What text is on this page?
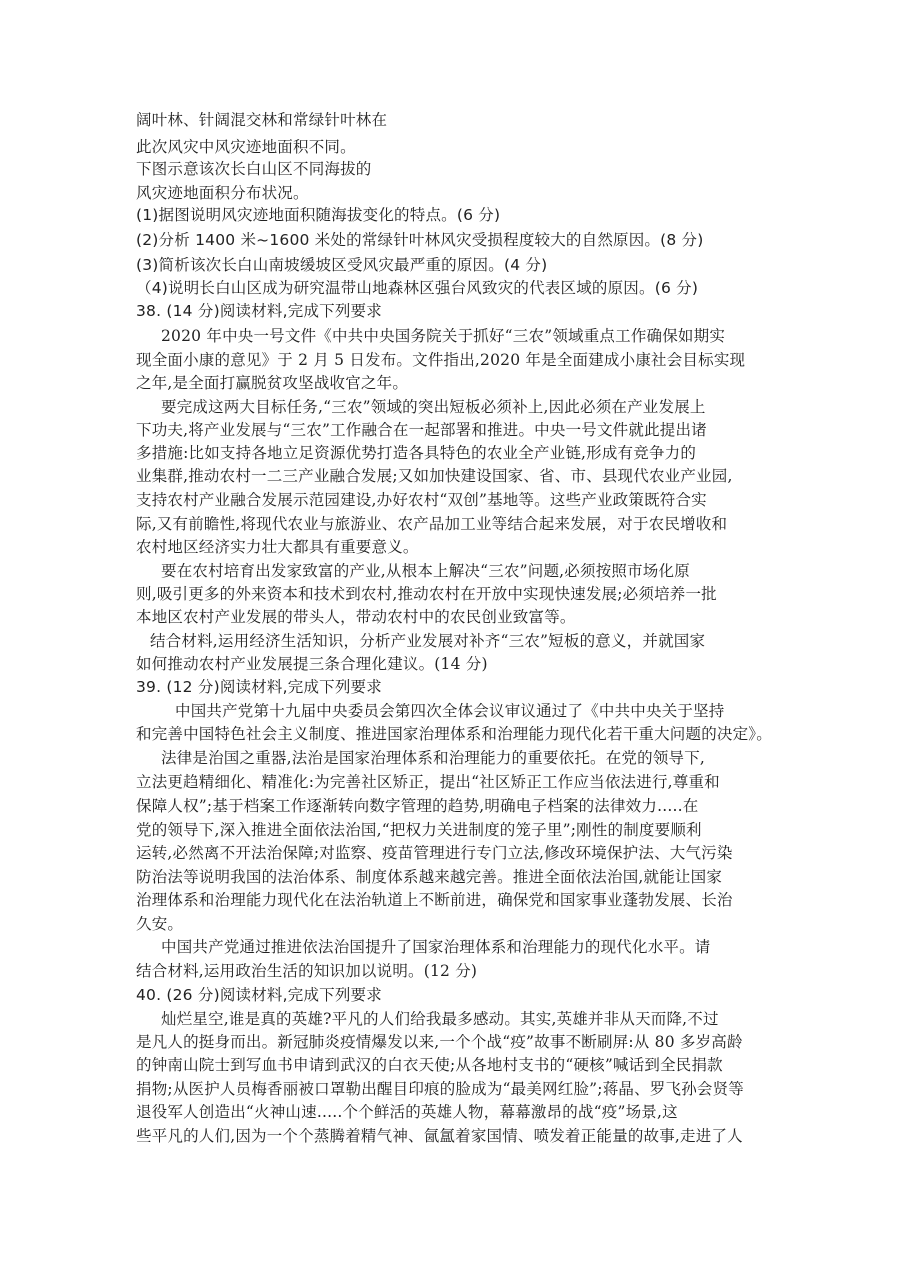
阔叶林、针阔混交林和常绿针叶林在
此次风灾中风灾迹地面积不同。
下图示意该次长白山区不同海拔的
风灾迹地面积分布状况。
(1)据图说明风灾迹地面积随海拔变化的特点。(6 分)
(2)分析 1400 米~1600 米处的常绿针叶林风灾受损程度较大的自然原因。(8 分)
(3)简析该次长白山南坡缓坡区受风灾最严重的原因。(4 分)
（4)说明长白山区成为研究温带山地森林区强台风致灾的代表区域的原因。(6 分)
38. (14 分)阅读材料,完成下列要求
2020 年中央一号文件《中共中央国务院关于抓好“三农”领域重点工作确保如期实
现全面小康的意见》于 2 月 5 日发布。文件指出,2020 年是全面建成小康社会目标实现
之年,是全面打赢脱贫攻坚战收官之年。
要完成这两大目标任务,“三农”领域的突出短板必须补上,因此必须在产业发展上
下功夫,将产业发展与“三农”工作融合在一起部署和推进。中央一号文件就此提出诸
多措施:比如支持各地立足资源优势打造各具特色的农业全产业链,形成有竞争力的
业集群,推动农村一二三产业融合发展;又如加快建设国家、省、市、县现代农业产业园,
支持农村产业融合发展示范园建设,办好农村“双创”基地等。这些产业政策既符合实
际,又有前瞻性,将现代农业与旅游业、农产品加工业等结合起来发展，对于农民增收和
农村地区经济实力壮大都具有重要意义。
要在农村培育出发家致富的产业,从根本上解决“三农”问题,必须按照市场化原
则,吸引更多的外来资本和技术到农村,推动农村在开放中实现快速发展;必须培养一批
本地区农村产业发展的带头人，带动农村中的农民创业致富等。
结合材料,运用经济生活知识，分析产业发展对补齐“三农”短板的意义，并就国家
如何推动农村产业发展提三条合理化建议。(14 分)
39. (12 分)阅读材料,完成下列要求
中国共产党第十九届中央委员会第四次全体会议审议通过了《中共中央关于坚持
和完善中国特色社会主义制度、推进国家治理体系和治理能力现代化若干重大问题的决定》。
法律是治国之重器,法治是国家治理体系和治理能力的重要依托。在党的领导下,
立法更趋精细化、精准化:为完善社区矫正，提出“社区矫正工作应当依法进行,尊重和
保障人权”;基于档案工作逐渐转向数字管理的趋势,明确电子档案的法律效力.....在
党的领导下,深入推进全面依法治国,“把权力关进制度的笼子里”;刚性的制度要顺利
运转,必然离不开法治保障;对监察、疫苗管理进行专门立法,修改环境保护法、大气污染
防治法等说明我国的法治体系、制度体系越来越完善。推进全面依法治国,就能让国家
治理体系和治理能力现代化在法治轨道上不断前进，确保党和国家事业蓬勃发展、长治
久安。
中国共产党通过推进依法治国提升了国家治理体系和治理能力的现代化水平。请
结合材料,运用政治生活的知识加以说明。(12 分)
40. (26 分)阅读材料,完成下列要求
灿烂星空,谁是真的英雄?平凡的人们给我最多感动。其实,英雄并非从天而降,不过
是凡人的挺身而出。新冠肺炎疫情爆发以来,一个个战“疫”故事不断刷屏:从 80 多岁高龄
的钟南山院士到写血书申请到武汉的白衣天使;从各地村支书的“硬核”喊话到全民捐款
捐物;从医护人员梅香丽被口罩勒出醒目印痕的脸成为“最美网红脸”;蒋晶、罗飞孙会贤等
退役军人创造出“火神山速.....个个鲜活的英雄人物，幕幕激昂的战“疫”场景,这
些平凡的人们,因为一个个蒸腾着精气神、氤氲着家国情、喷发着正能量的故事,走进了人
